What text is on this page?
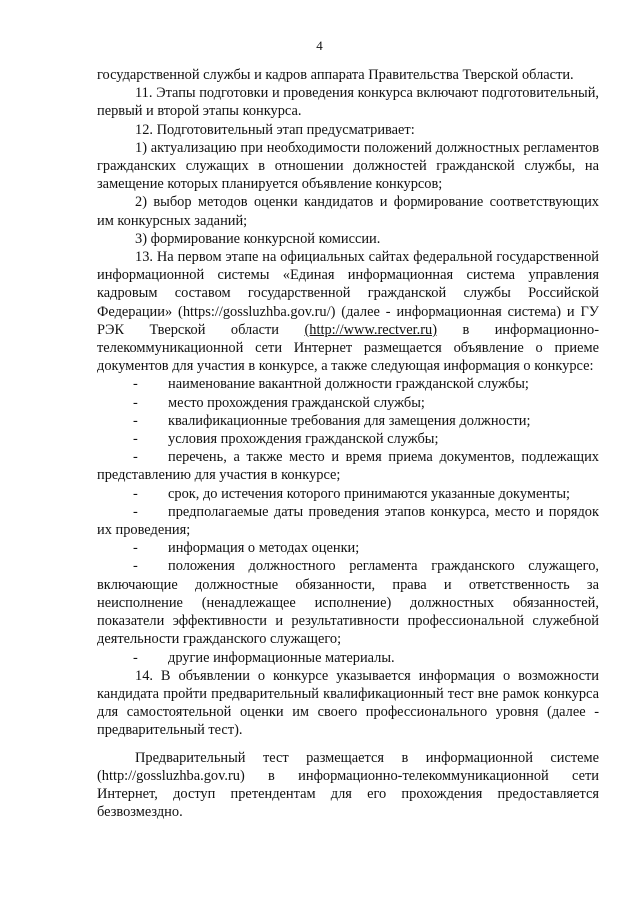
4

государственной службы и кадров аппарата Правительства Тверской области.

11. Этапы подготовки и проведения конкурса включают подготовительный, первый и второй этапы конкурса.

12. Подготовительный этап предусматривает:

1) актуализацию при необходимости положений должностных регламентов гражданских служащих в отношении должностей гражданской службы, на замещение которых планируется объявление конкурсов;

2) выбор методов оценки кандидатов и формирование соответствующих им конкурсных заданий;

3) формирование конкурсной комиссии.

13. На первом этапе на официальных сайтах федеральной государственной информационной системы «Единая информационная система управления кадровым составом государственной гражданской службы Российской Федерации» (https://gossluzhba.gov.ru/) (далее - информационная система) и ГУ РЭК Тверской области (http://www.rectver.ru) в информационно-телекоммуникационной сети Интернет размещается объявление о приеме документов для участия в конкурсе, а также следующая информация о конкурсе:

- наименование вакантной должности гражданской службы;

- место прохождения гражданской службы;

- квалификационные требования для замещения должности;

- условия прохождения гражданской службы;

- перечень, а также место и время приема документов, подлежащих представлению для участия в конкурсе;

- срок, до истечения которого принимаются указанные документы;

- предполагаемые даты проведения этапов конкурса, место и порядок их проведения;

- информация о методах оценки;

- положения должностного регламента гражданского служащего, включающие должностные обязанности, права и ответственность за неисполнение (ненадлежащее исполнение) должностных обязанностей, показатели эффективности и результативности профессиональной служебной деятельности гражданского служащего;

- другие информационные материалы.

14. В объявлении о конкурсе указывается информация о возможности кандидата пройти предварительный квалификационный тест вне рамок конкурса для самостоятельной оценки им своего профессионального уровня (далее - предварительный тест).

Предварительный тест размещается в информационной системе (http://gossluzhba.gov.ru) в информационно-телекоммуникационной сети Интернет, доступ претендентам для его прохождения предоставляется безвозмездно.
